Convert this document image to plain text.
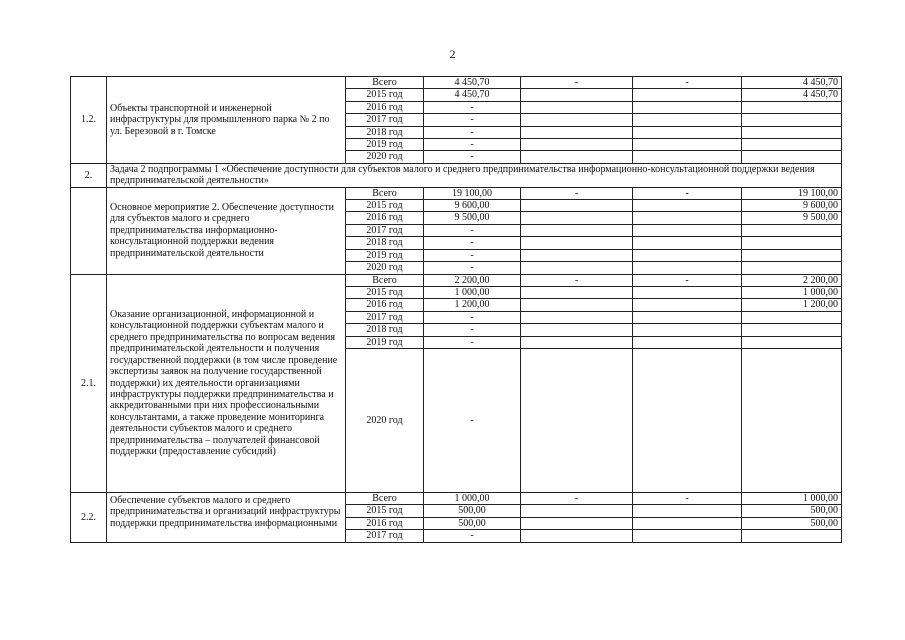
2
1.2.	Объекты транспортной и инженерной инфраструктуры для промышленного парка № 2 по ул. Березовой в г. Томске	Всего	4 450,70	-	-	4 450,70
		2015 год	4 450,70			4 450,70
		2016 год	-			
		2017 год	-			
		2018 год	-			
		2019 год	-			
		2020 год	-			
2.	Задача 2 подпрограммы 1 «Обеспечение доступности для субъектов малого и среднего предпринимательства информационно-консультационной поддержки ведения предпринимательской деятельности»					
	Основное мероприятие 2. Обеспечение доступности для субъектов малого и среднего предпринимательства информационно-консультационной поддержки ведения предпринимательской деятельности	Всего	19 100,00	-	-	19 100,00
		2015 год	9 600,00			9 600,00
		2016 год	9 500,00			9 500,00
		2017 год	-			
		2018 год	-			
		2019 год	-			
		2020 год	-			
2.1.	Оказание организационной, информационной и консультационной поддержки субъектам малого и среднего предпринимательства по вопросам ведения предпринимательской деятельности и получения государственной поддержки (в том числе проведение экспертизы заявок на получение государственной поддержки) их деятельности организациями инфраструктуры поддержки предпринимательства и аккредитованными при них профессиональными консультантами, а также проведение мониторинга деятельности субъектов малого и среднего предпринимательства – получателей финансовой поддержки (предоставление субсидий)	Всего	2 200,00	-	-	2 200,00
		2015 год	1 000,00			1 000,00
		2016 год	1 200,00			1 200,00
		2017 год	-			
		2018 год	-			
		2019 год	-			
		2020 год	-			
2.2.	Обеспечение субъектов малого и среднего предпринимательства и организаций инфраструктуры поддержки предпринимательства информационными	Всего	1 000,00	-	-	1 000,00
		2015 год	500,00			500,00
		2016 год	500,00			500,00
		2017 год	-			
